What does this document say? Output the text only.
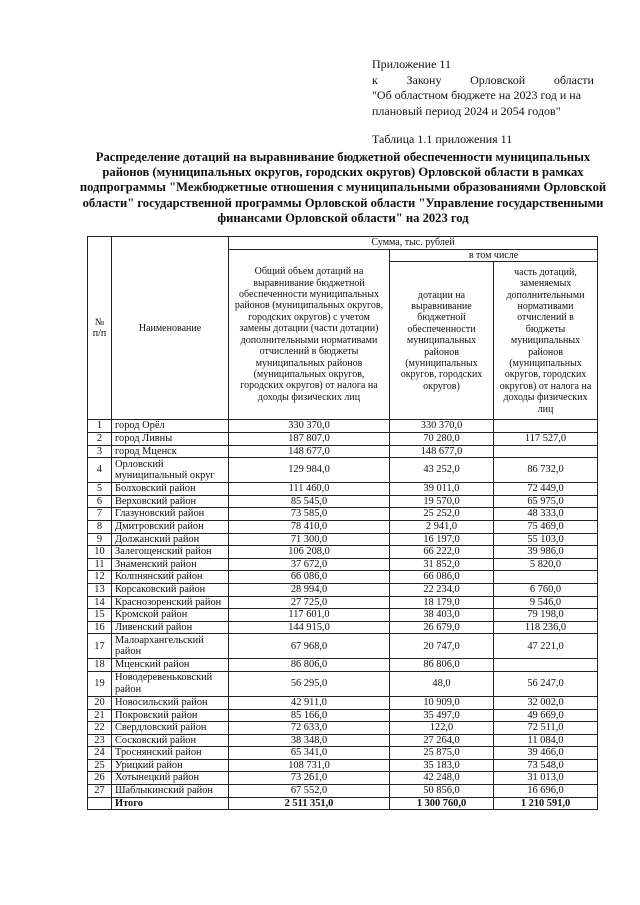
Приложение 11
к Закону Орловской области
"Об областном бюджете на 2023 год и на
плановый период 2024 и 2054 годов"
Таблица 1.1 приложения 11
Распределение дотаций на выравнивание бюджетной обеспеченности муниципальных районов (муниципальных округов, городских округов) Орловской области в рамках подпрограммы "Межбюджетные отношения с муниципальными образованиями Орловской области" государственной программы Орловской области "Управление государственными финансами Орловской области" на 2023 год
№ п/п	Наименование	Сумма, тыс. рублей		
		Общий объем дотаций на выравнивание бюджетной обеспеченности муниципальных районов (муниципальных округов, городских округов) с учетом замены дотации (части дотации) дополнительными нормативами отчислений в бюджеты муниципальных районов (муниципальных округов, городских округов) от налога на доходы физических лиц	в том числе	
			дотации на выравнивание бюджетной обеспеченности муниципальных районов (муниципальных округов, городских округов)	часть дотаций, заменяемых дополнительными нормативами отчислений в бюджеты муниципальных районов (муниципальных округов, городских округов) от налога на доходы физических лиц
1	город Орёл	330 370,0	330 370,0	
2	город Ливны	187 807,0	70 280,0	117 527,0
3	город Мценск	148 677,0	148 677,0	
4	Орловский муниципальный округ	129 984,0	43 252,0	86 732,0
5	Болховский район	111 460,0	39 011,0	72 449,0
6	Верховский район	85 545,0	19 570,0	65 975,0
7	Глазуновский район	73 585,0	25 252,0	48 333,0
8	Дмитровский район	78 410,0	2 941,0	75 469,0
9	Должанский район	71 300,0	16 197,0	55 103,0
10	Залегощенский район	106 208,0	66 222,0	39 986,0
11	Знаменский район	37 672,0	31 852,0	5 820,0
12	Колпнянский район	66 086,0	66 086,0	
13	Корсаковский район	28 994,0	22 234,0	6 760,0
14	Краснозоренский район	27 725,0	18 179,0	9 546,0
15	Кромской район	117 601,0	38 403,0	79 198,0
16	Ливенский район	144 915,0	26 679,0	118 236,0
17	Малоархангельский район	67 968,0	20 747,0	47 221,0
18	Мценский район	86 806,0	86 806,0	
19	Новодеревеньковский район	56 295,0	48,0	56 247,0
20	Новосильский район	42 911,0	10 909,0	32 002,0
21	Покровский район	85 166,0	35 497,0	49 669,0
22	Свердловский район	72 633,0	122,0	72 511,0
23	Сосковский район	38 348,0	27 264,0	11 084,0
24	Троснянский район	65 341,0	25 875,0	39 466,0
25	Урицкий район	108 731,0	35 183,0	73 548,0
26	Хотынецкий район	73 261,0	42 248,0	31 013,0
27	Шаблыкинский район	67 552,0	50 856,0	16 696,0
	Итого	2 511 351,0	1 300 760,0	1 210 591,0
